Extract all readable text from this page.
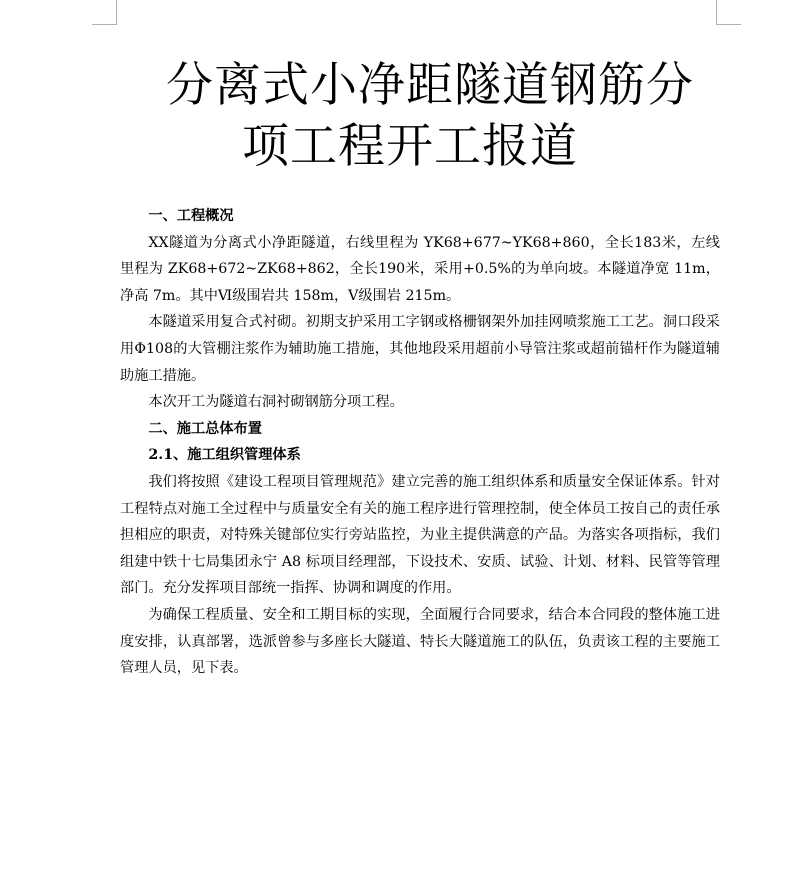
分离式小净距隧道钢筋分
项工程开工报道
一、工程概况

XX隧道为分离式小净距隧道，右线里程为 YK68+677~YK68+860，全长183米，左线里程为 ZK68+672~ZK68+862，全长190米，采用+0.5%的为单向坡。本隧道净宽 11m，净高 7m。其中Ⅵ级围岩共 158m，Ⅴ级围岩 215m。

本隧道采用复合式衬砌。初期支护采用工字钢或格栅钢架外加挂网喷浆施工工艺。洞口段采用Φ108的大管棚注浆作为辅助施工措施，其他地段采用超前小导管注浆或超前锚杆作为隧道辅助施工措施。

本次开工为隧道右洞衬砌钢筋分项工程。

二、施工总体布置
2.1、施工组织管理体系

我们将按照《建设工程项目管理规范》建立完善的施工组织体系和质量安全保证体系。针对工程特点对施工全过程中与质量安全有关的施工程序进行管理控制，使全体员工按自己的责任承担相应的职责，对特殊关键部位实行旁站监控，为业主提供满意的产品。为落实各项指标，我们组建中铁十七局集团永宁 A8 标项目经理部，下设技术、安质、试验、计划、材料、民管等管理部门。充分发挥项目部统一指挥、协调和调度的作用。

为确保工程质量、安全和工期目标的实现，全面履行合同要求，结合本合同段的整体施工进度安排，认真部署，选派曾参与多座长大隧道、特长大隧道施工的队伍，负责该工程的主要施工管理人员，见下表。
